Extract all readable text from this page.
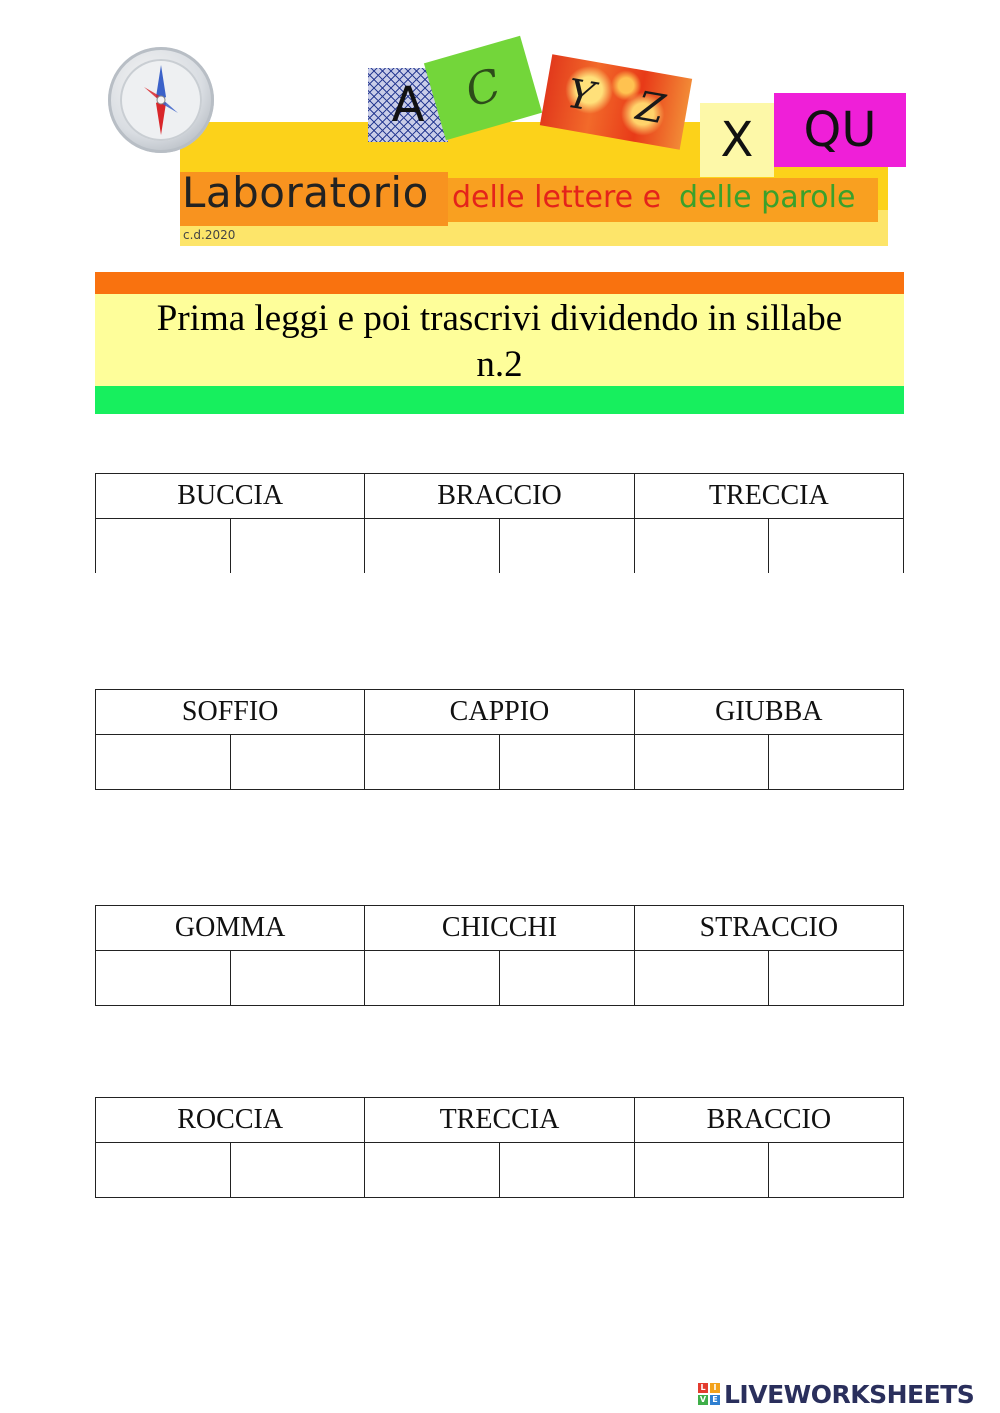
A C Y Z
X QU
Laboratorio delle lettere e delle parole
c.d.2020
Prima leggi e poi trascrivi dividendo in sillabe
n.2
BUCCIA		BRACCIO		TRECCIA	

SOFFIO		CAPPIO		GIUBBA	

GOMMA		CHICCHI		STRACCIO	

ROCCIA		TRECCIA		BRACCIO	

L I
V E LIVEWORKSHEETS
